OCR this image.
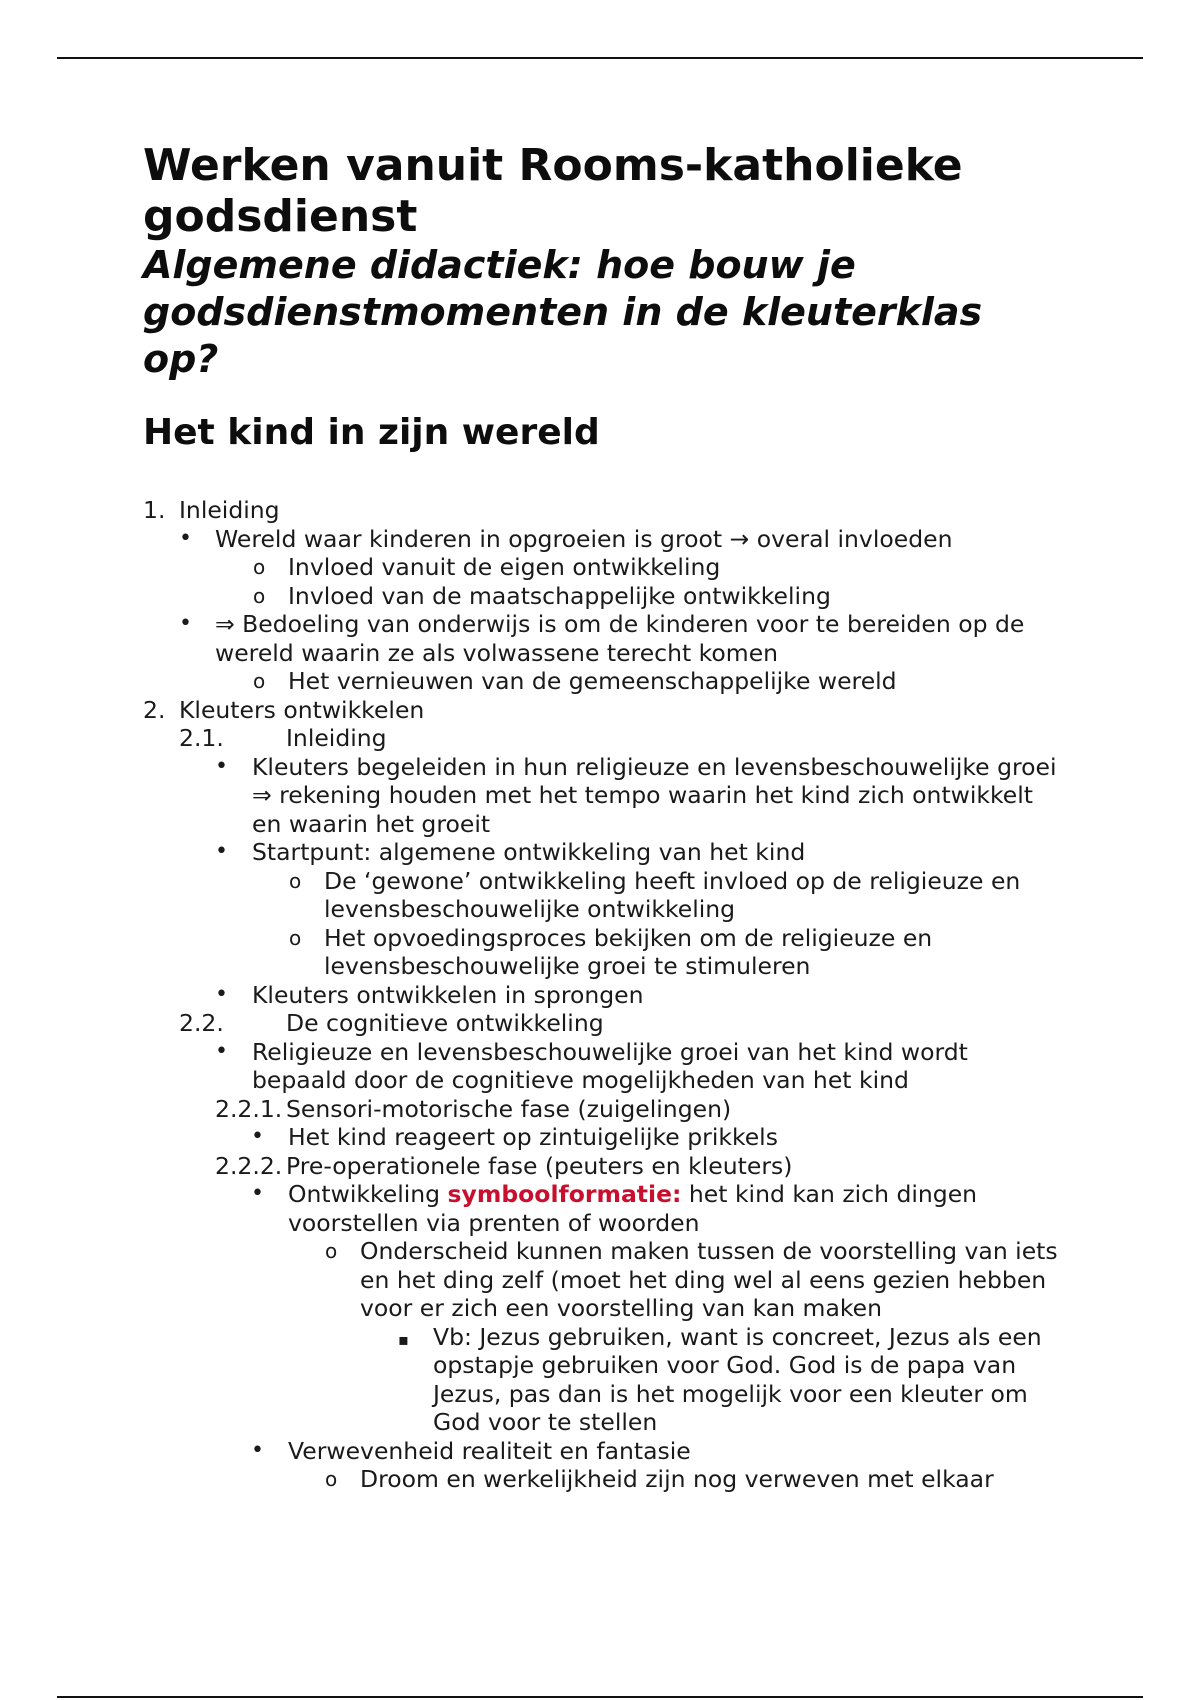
Werken vanuit Rooms-katholieke godsdienst
Algemene didactiek: hoe bouw je godsdienstmomenten in de kleuterklas op?
Het kind in zijn wereld
1. Inleiding
• Wereld waar kinderen in opgroeien is groot → overal invloeden
o Invloed vanuit de eigen ontwikkeling
o Invloed van de maatschappelijke ontwikkeling
• ⇒ Bedoeling van onderwijs is om de kinderen voor te bereiden op de wereld waarin ze als volwassene terecht komen
o Het vernieuwen van de gemeenschappelijke wereld
2. Kleuters ontwikkelen
2.1.	Inleiding
• Kleuters begeleiden in hun religieuze en levensbeschouwelijke groei ⇒ rekening houden met het tempo waarin het kind zich ontwikkelt en waarin het groeit
• Startpunt: algemene ontwikkeling van het kind
o De ‘gewone’ ontwikkeling heeft invloed op de religieuze en levensbeschouwelijke ontwikkeling
o Het opvoedingsproces bekijken om de religieuze en levensbeschouwelijke groei te stimuleren
• Kleuters ontwikkelen in sprongen
2.2.	De cognitieve ontwikkeling
• Religieuze en levensbeschouwelijke groei van het kind wordt bepaald door de cognitieve mogelijkheden van het kind
2.2.1. Sensori-motorische fase (zuigelingen)
• Het kind reageert op zintuigelijke prikkels
2.2.2. Pre-operationele fase (peuters en kleuters)
• Ontwikkeling symboolformatie: het kind kan zich dingen voorstellen via prenten of woorden
o Onderscheid kunnen maken tussen de voorstelling van iets en het ding zelf (moet het ding wel al eens gezien hebben voor er zich een voorstelling van kan maken
▪ Vb: Jezus gebruiken, want is concreet, Jezus als een opstapje gebruiken voor God. God is de papa van Jezus, pas dan is het mogelijk voor een kleuter om God voor te stellen
• Verwevenheid realiteit en fantasie
o Droom en werkelijkheid zijn nog verweven met elkaar
